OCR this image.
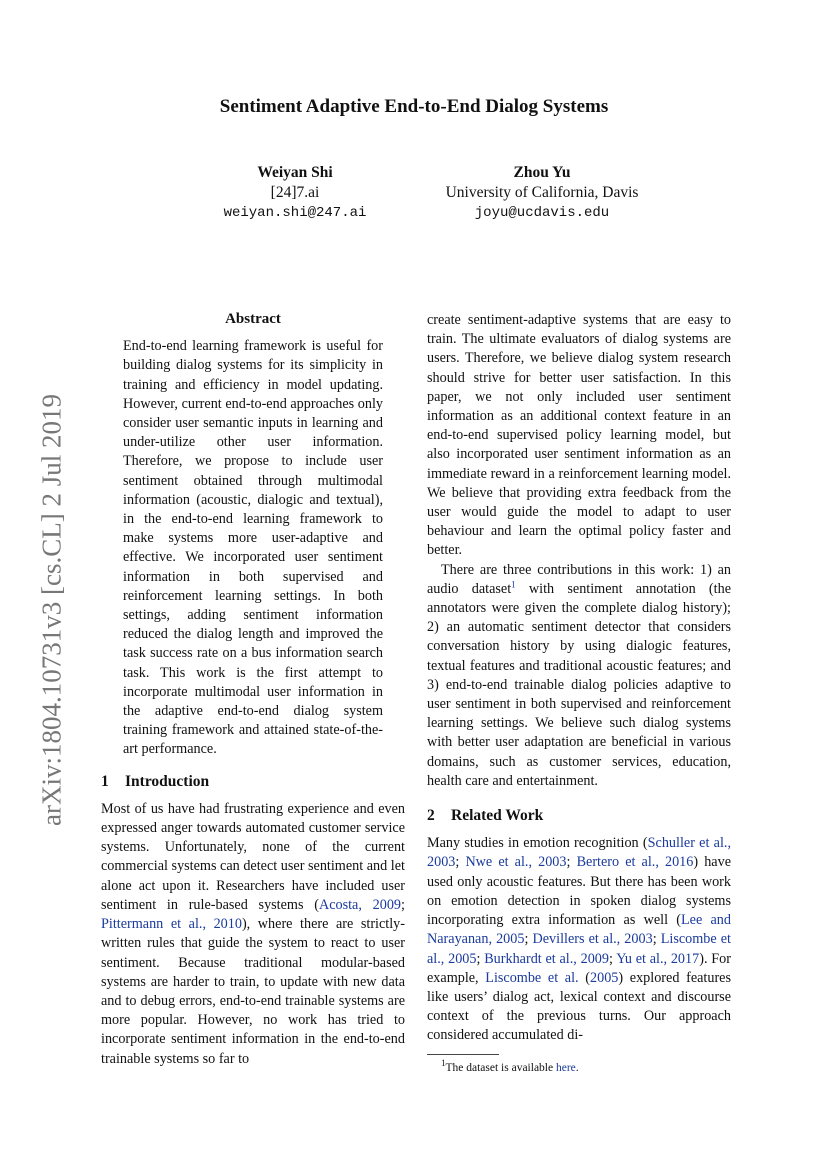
Sentiment Adaptive End-to-End Dialog Systems
Weiyan Shi
[24]7.ai
weiyan.shi@247.ai
Zhou Yu
University of California, Davis
joyu@ucdavis.edu
arXiv:1804.10731v3 [cs.CL] 2 Jul 2019
Abstract

End-to-end learning framework is useful for building dialog systems for its simplicity in training and efficiency in model updating. However, current end-to-end approaches only consider user semantic inputs in learning and under-utilize other user information. Therefore, we propose to include user sentiment obtained through multimodal information (acoustic, dialogic and textual), in the end-to-end learning framework to make systems more user-adaptive and effective. We incorporated user sentiment information in both supervised and reinforcement learning settings. In both settings, adding sentiment information reduced the dialog length and improved the task success rate on a bus information search task. This work is the first attempt to incorporate multimodal user information in the adaptive end-to-end dialog system training framework and attained state-of-the-art performance.

1 Introduction

Most of us have had frustrating experience and even expressed anger towards automated customer service systems. Unfortunately, none of the current commercial systems can detect user sentiment and let alone act upon it. Researchers have included user sentiment in rule-based systems (Acosta, 2009; Pittermann et al., 2010), where there are strictly-written rules that guide the system to react to user sentiment. Because traditional modular-based systems are harder to train, to update with new data and to debug errors, end-to-end trainable systems are more popular. However, no work has tried to incorporate sentiment information in the end-to-end trainable systems so far to

create sentiment-adaptive systems that are easy to train. The ultimate evaluators of dialog systems are users. Therefore, we believe dialog system research should strive for better user satisfaction. In this paper, we not only included user sentiment information as an additional context feature in an end-to-end supervised policy learning model, but also incorporated user sentiment information as an immediate reward in a reinforcement learning model. We believe that providing extra feedback from the user would guide the model to adapt to user behaviour and learn the optimal policy faster and better.

There are three contributions in this work: 1) an audio dataset$^1$ with sentiment annotation (the annotators were given the complete dialog history); 2) an automatic sentiment detector that considers conversation history by using dialogic features, textual features and traditional acoustic features; and 3) end-to-end trainable dialog policies adaptive to user sentiment in both supervised and reinforcement learning settings. We believe such dialog systems with better user adaptation are beneficial in various domains, such as customer services, education, health care and entertainment.

2 Related Work

Many studies in emotion recognition (Schuller et al., 2003; Nwe et al., 2003; Bertero et al., 2016) have used only acoustic features. But there has been work on emotion detection in spoken dialog systems incorporating extra information as well (Lee and Narayanan, 2005; Devillers et al., 2003; Liscombe et al., 2005; Burkhardt et al., 2009; Yu et al., 2017). For example, Liscombe et al. (2005) explored features like users’ dialog act, lexical context and discourse context of the previous turns. Our approach considered accumulated di-

$^1$The dataset is available here.
